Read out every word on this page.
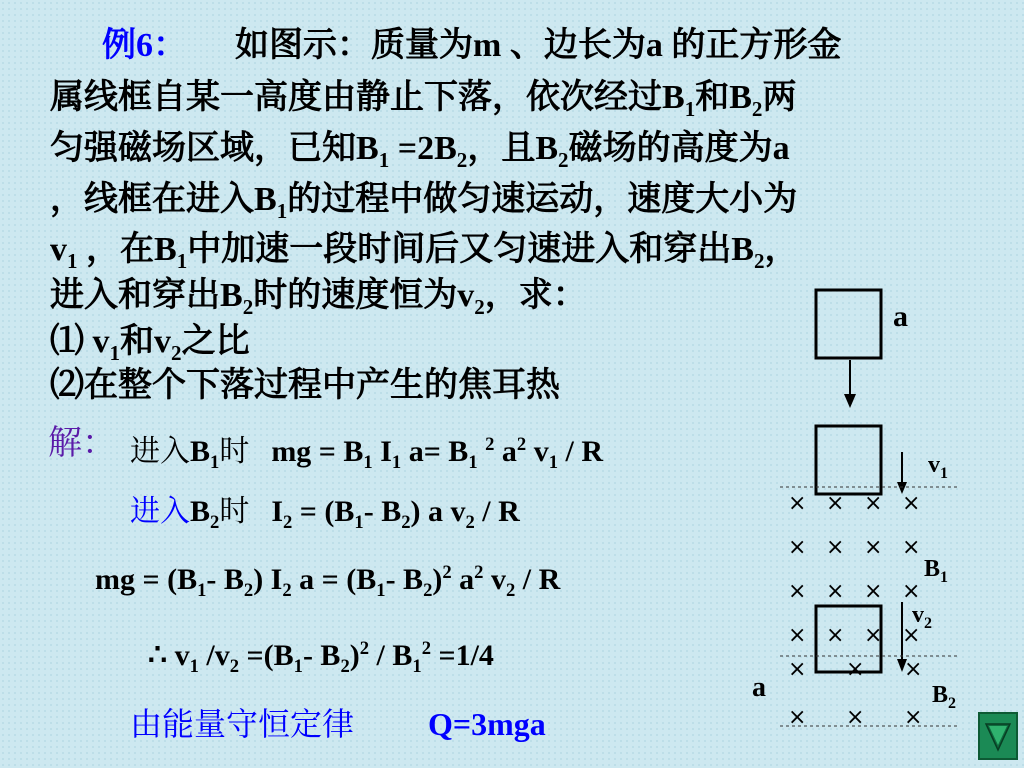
例6： 如图示：质量为m 、边长为a 的正方形金
属线框自某一高度由静止下落，依次经过$B_1$和$B_2$两
匀强磁场区域，已知$B_1 =2B_2$，且$B_2$磁场的高度为a
，线框在进入$B_1$的过程中做匀速运动，速度大小为
$v_1$ ，在$B_1$中加速一段时间后又匀速进入和穿出$B_2$，
进入和穿出$B_2$时的速度恒为$v_2$，求：
⑴ $v_1$和$v_2$之比
⑵在整个下落过程中产生的焦耳热
解： 进入$B_1$时 mg = $B_1$ $I_1$ $a= B_1$ $^2$ $a^2$ $v_1$ / R
进入$B_2$时 $I_2 = (B_1-$ $B_2$) a $v_2$ / R
mg = ($B_1-$ $B_2$) $I_2$ $a = (B_1-$ $B_2)^2$ $a^2$ $v_2$ / R
∴ $v_1$ $/v_2 =(B_1-$ $B_2)^2 / B_1^2 =1/4$
由能量守恒定律 Q=3mga
a
$v_1$
× × × ×
× × × ×
× × × ×
× × × ×
$B_1$
$v_2$
× × ×
× × ×
a	$B_2$
